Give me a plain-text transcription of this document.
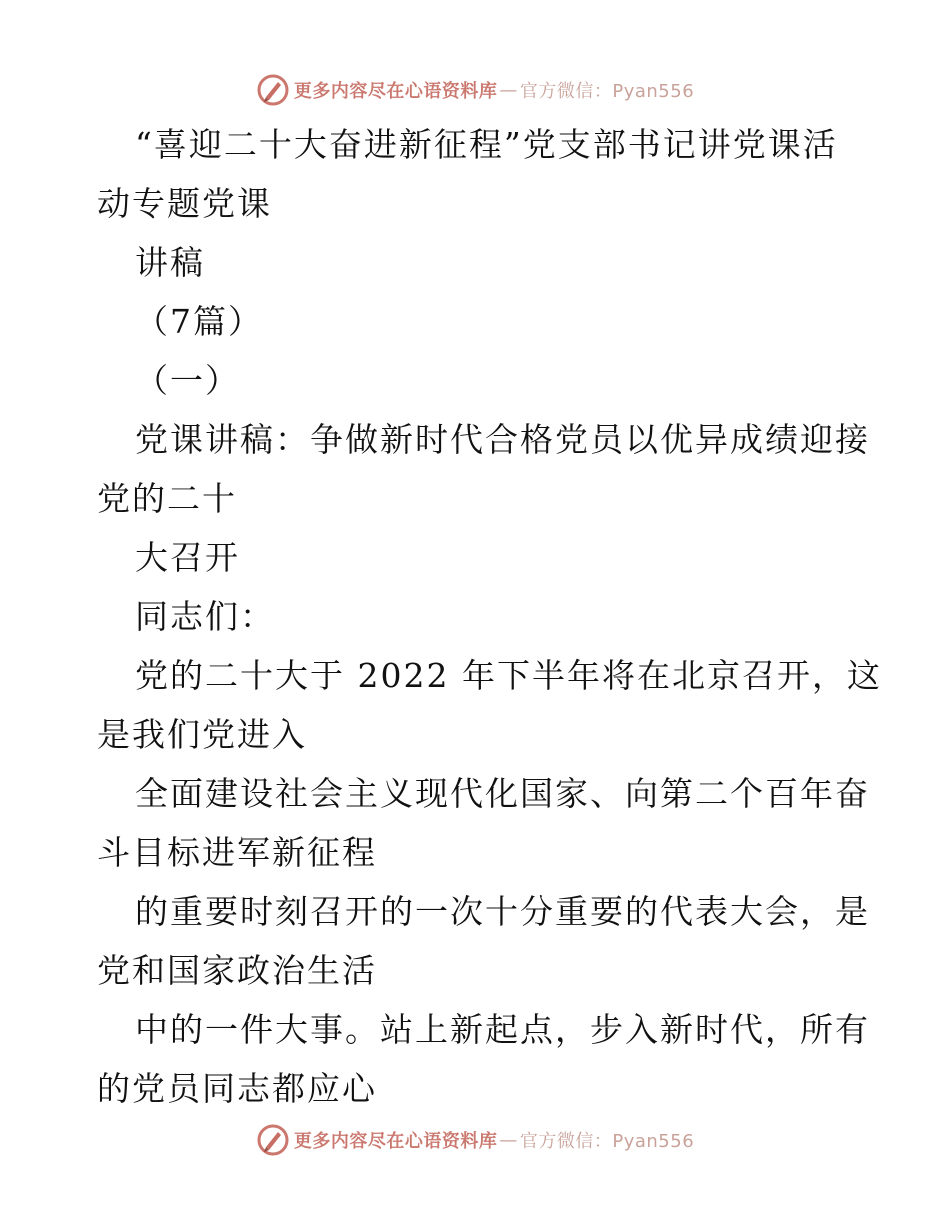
更多内容尽在心语资料库 — 官方微信：Pyan556
“喜迎二十大奋进新征程”党支部书记讲党课活
动专题党课
讲稿
（7篇）
（一）
党课讲稿：争做新时代合格党员以优异成绩迎接
党的二十
大召开
同志们：
党的二十大于 2022 年下半年将在北京召开，这
是我们党进入
全面建设社会主义现代化国家、向第二个百年奋
斗目标进军新征程
的重要时刻召开的一次十分重要的代表大会，是
党和国家政治生活
中的一件大事。站上新起点，步入新时代，所有
的党员同志都应心
更多内容尽在心语资料库 — 官方微信：Pyan556
